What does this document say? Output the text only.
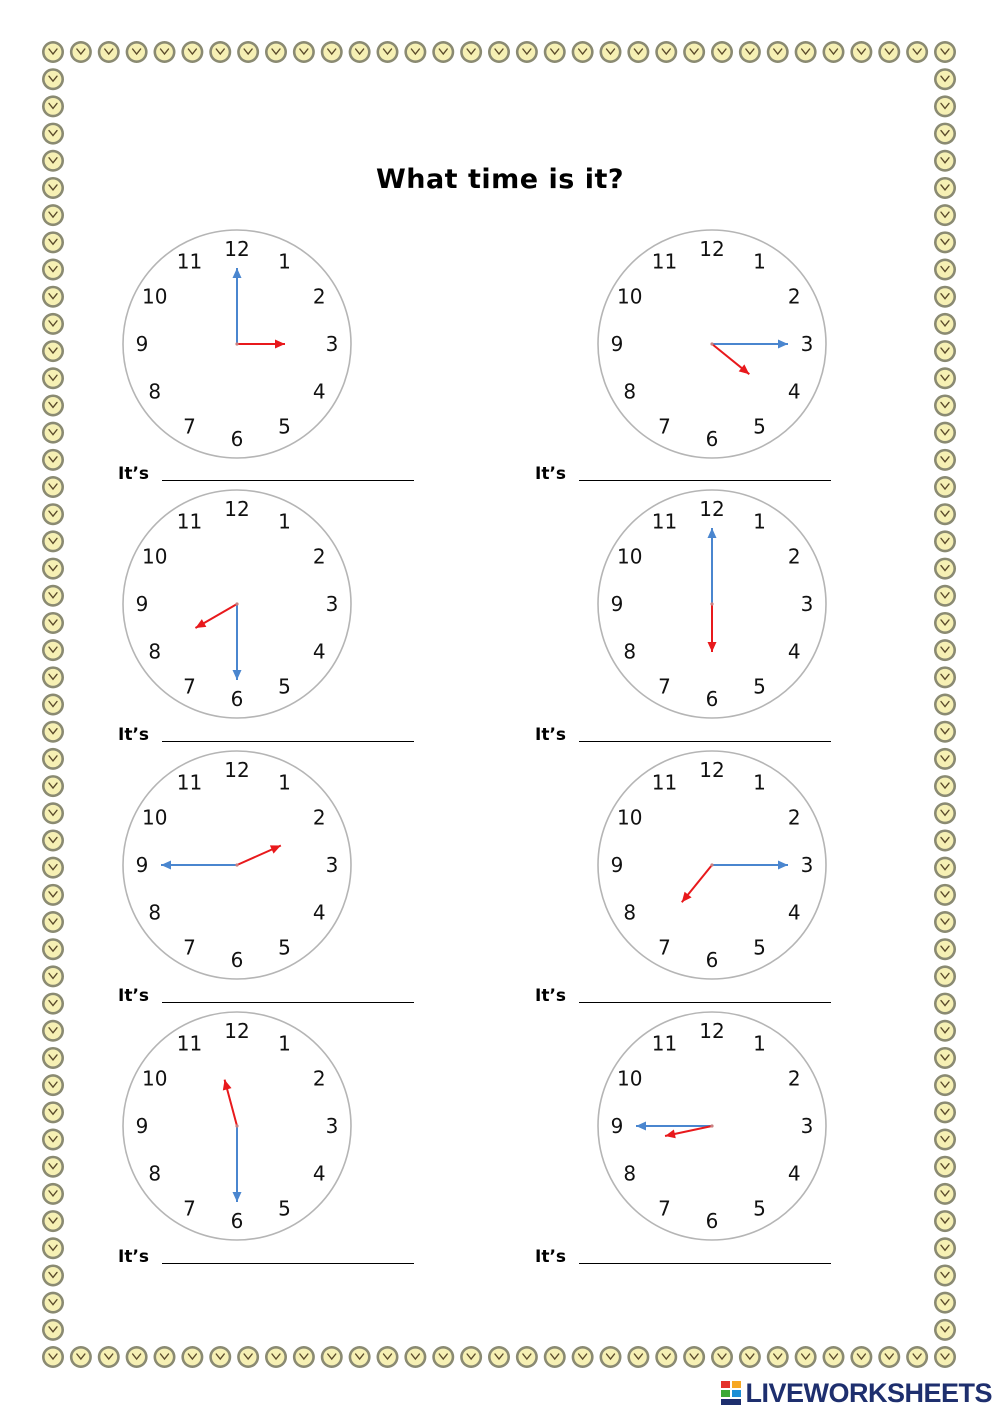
What time is it?
12
1
2
3
4
5
6
7
8
9
10
11
12
1
2
3
4
5
6
7
8
9
10
11
12
1
2
3
4
5
6
7
8
9
10
11
12
1
2
3
4
5
6
7
8
9
10
11
12
1
2
3
4
5
6
7
8
9
10
11
12
1
2
3
4
5
6
7
8
9
10
11
12
1
2
3
4
5
6
7
8
9
10
11
12
1
2
3
4
5
6
7
8
9
10
11
It’s	It’s
It’s	It’s
It’s	It’s
It’s	It’s
LIVEWORKSHEETS
